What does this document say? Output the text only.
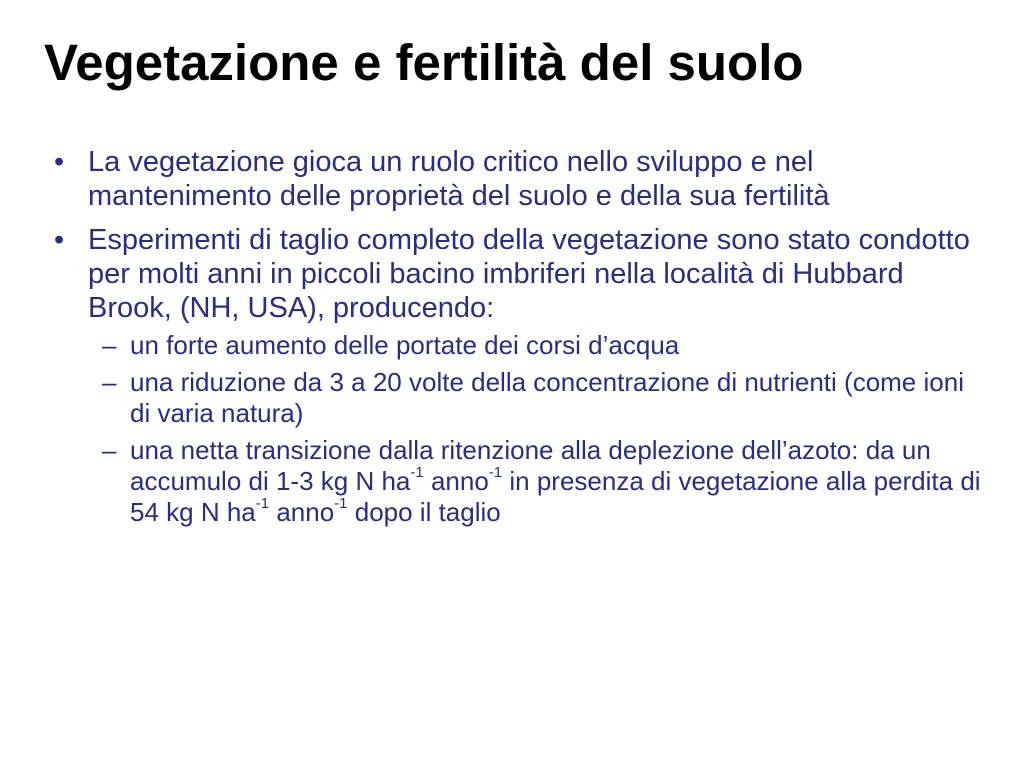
Vegetazione e fertilità del suolo
• La vegetazione gioca un ruolo critico nello sviluppo e nel mantenimento delle proprietà del suolo e della sua fertilità
• Esperimenti di taglio completo della vegetazione sono stato condotto per molti anni in piccoli bacino imbriferi nella località di Hubbard Brook, (NH, USA), producendo:
– un forte aumento delle portate dei corsi d’acqua
– una riduzione da 3 a 20 volte della concentrazione di nutrienti (come ioni di varia natura)
– una netta transizione dalla ritenzione alla deplezione dell’azoto: da un accumulo di 1-3 kg N $ha^{-1}$ anno$^{-1}$ in presenza di vegetazione alla perdita di 54 kg N $ha^{-1}$ anno$^{-1}$ dopo il taglio
